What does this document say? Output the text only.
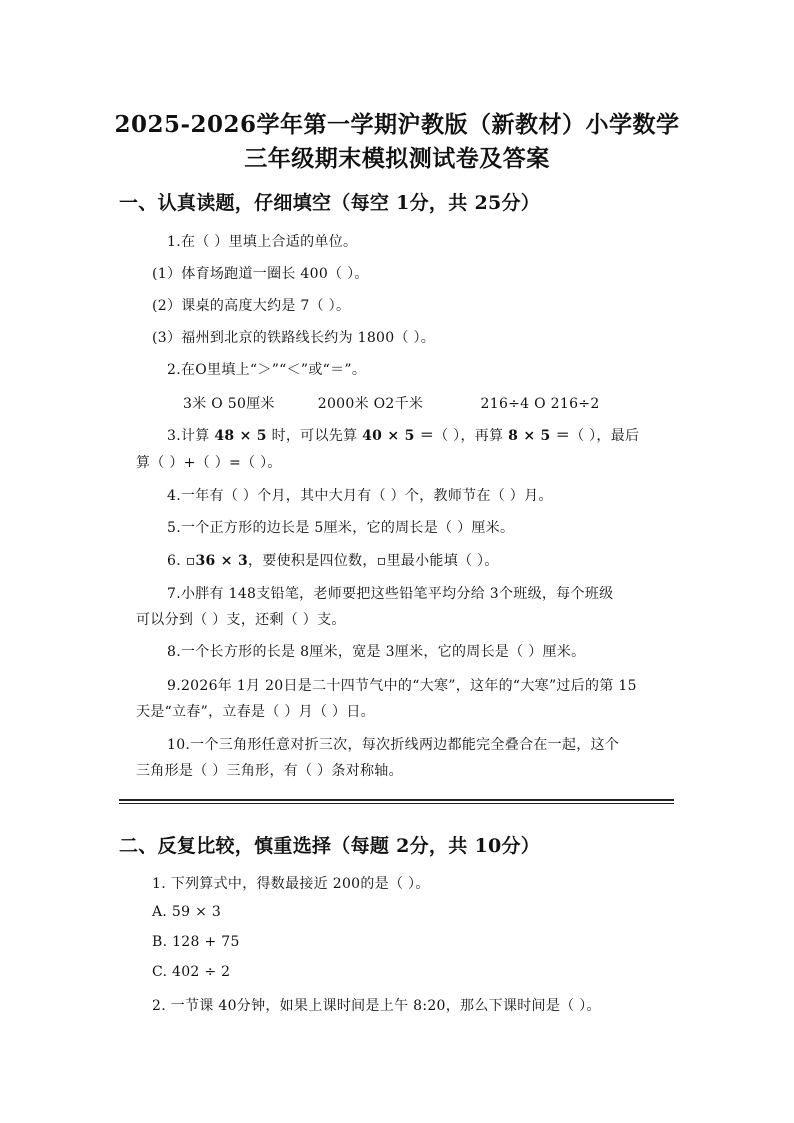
2025-2026学年第一学期沪教版（新教材）小学数学
三年级期末模拟测试卷及答案
一、认真读题，仔细填空（每空 1分，共 25分）
1.在（ ）里填上合适的单位。
(1）体育场跑道一圈长 400（ ）。
(2）课桌的高度大约是 7（ ）。
(3）福州到北京的铁路线长约为 1800（ ）。
2.在O里填上“＞”“＜”或“＝”。
3米 O 50厘米	2000米 O2千米	216÷4 O 216÷2
3.计算 48 × 5 时，可以先算 40 × 5 ＝（ ），再算 8 × 5 ＝（ ），最后
算（ ）+（ ）=（ ）。
4.一年有（ ）个月，其中大月有（ ）个，教师节在（ ）月。
5.一个正方形的边长是 5厘米，它的周长是（ ）厘米。
6. ▫36 × 3，要使积是四位数，▫里最小能填（ ）。
7.小胖有 148支铅笔，老师要把这些铅笔平均分给 3个班级，每个班级
可以分到（ ）支，还剩（ ）支。
8.一个长方形的长是 8厘米，宽是 3厘米，它的周长是（ ）厘米。
9.2026年 1月 20日是二十四节气中的“大寒”，这年的“大寒”过后的第 15
天是“立春”，立春是（ ）月（ ）日。
10.一个三角形任意对折三次，每次折线两边都能完全叠合在一起，这个
三角形是（ ）三角形，有（ ）条对称轴。
二、反复比较，慎重选择（每题 2分，共 10分）
1. 下列算式中，得数最接近 200的是（ ）。
A. 59 × 3
B. 128 + 75
C. 402 ÷ 2
2. 一节课 40分钟，如果上课时间是上午 8:20，那么下课时间是（ ）。
